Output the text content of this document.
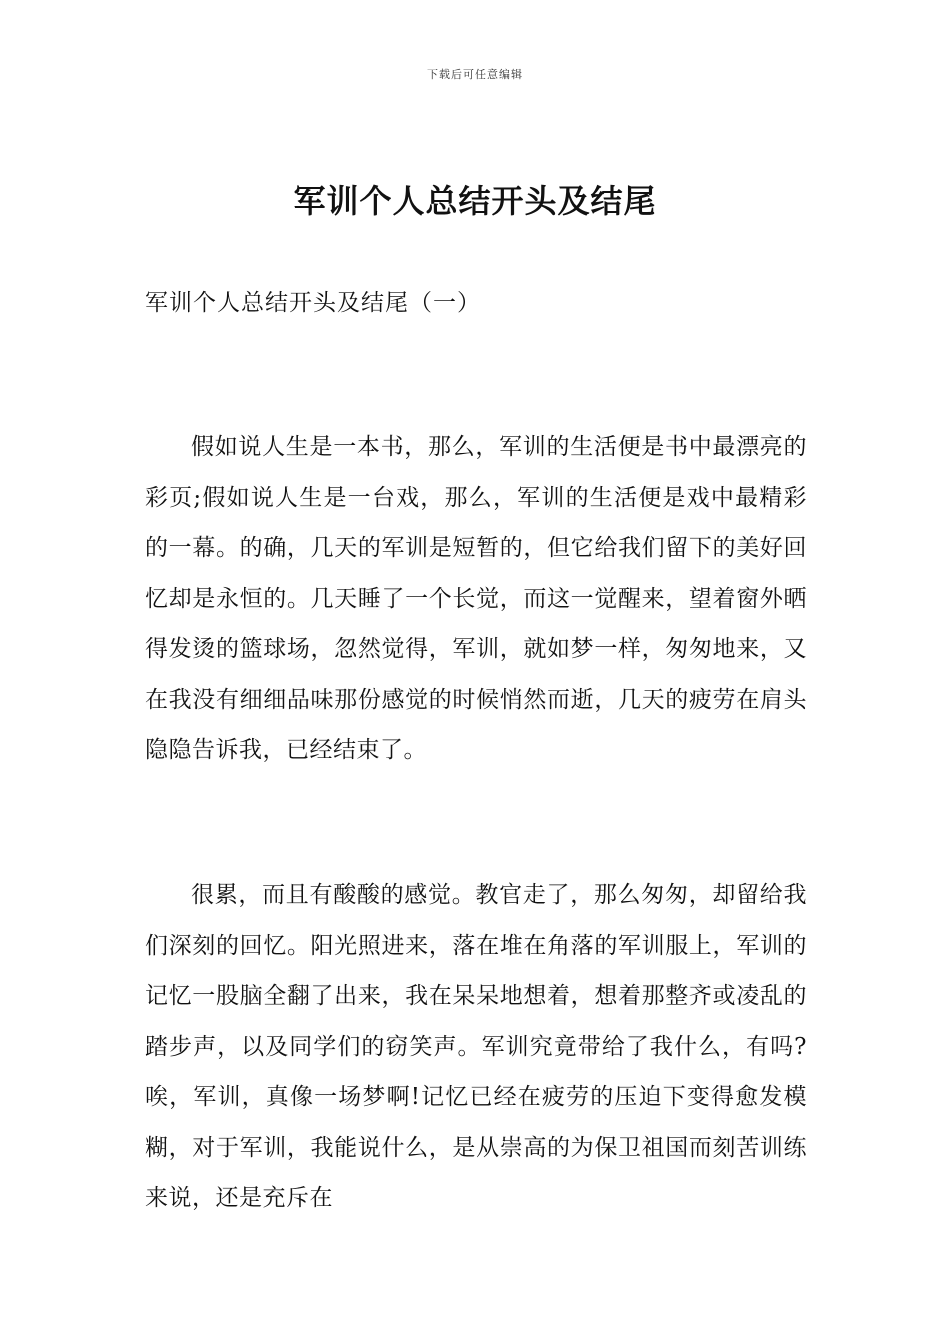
下载后可任意编辑
军训个人总结开头及结尾
军训个人总结开头及结尾（一）

假如说人生是一本书，那么，军训的生活便是书中最漂亮的彩页;假如说人生是一台戏，那么，军训的生活便是戏中最精彩的一幕。的确，几天的军训是短暂的，但它给我们留下的美好回忆却是永恒的。几天睡了一个长觉，而这一觉醒来，望着窗外晒得发烫的篮球场，忽然觉得，军训，就如梦一样，匆匆地来，又在我没有细细品味那份感觉的时候悄然而逝，几天的疲劳在肩头隐隐告诉我，已经结束了。

很累，而且有酸酸的感觉。教官走了，那么匆匆，却留给我们深刻的回忆。阳光照进来，落在堆在角落的军训服上，军训的记忆一股脑全翻了出来，我在呆呆地想着，想着那整齐或凌乱的踏步声，以及同学们的窃笑声。军训究竟带给了我什么，有吗?唉，军训，真像一场梦啊!记忆已经在疲劳的压迫下变得愈发模糊，对于军训，我能说什么，是从崇高的为保卫祖国而刻苦训练来说，还是充斥在
